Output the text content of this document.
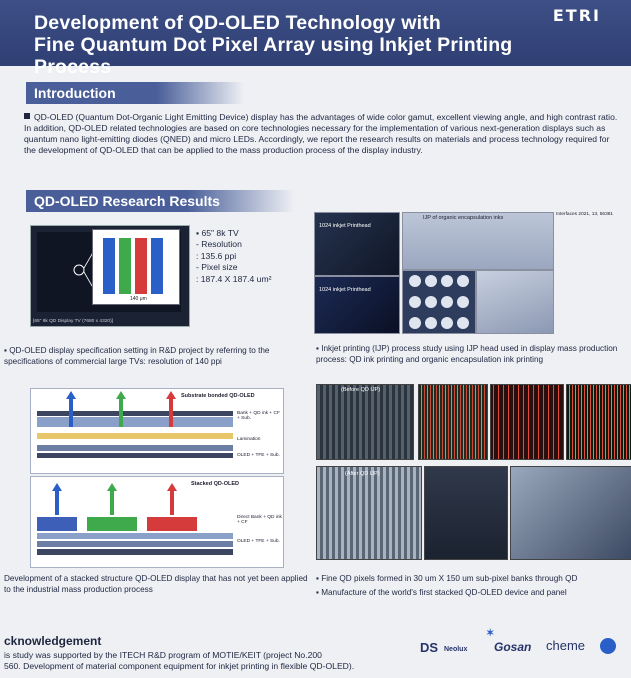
Development of QD-OLED Technology with
Fine Quantum Dot Pixel Array using Inkjet Printing Process
ETRI
Introduction
QD-OLED (Quantum Dot-Organic Light Emitting Device) display has the advantages of wide color gamut, excellent viewing angle, and high contrast ratio. In addition, QD-OLED related technologies are based on core technologies necessary for the implementation of various next-generation displays such as quantum nano light-emitting diodes (QNED) and micro LEDs. Accordingly, we report the research results on materials and process technology required for the development of QD-OLED that can be applied to the mass production process of the display industry.
QD-OLED Research Results
[65" 8k QD Display TV (7680 x 4320)]
140 μm
▪ 65" 8k TV
- Resolution
: 135.6 ppi
- Pixel size
: 187.4 X 187.4 um²
1024 inkjet Printhead
1024 inkjet Printhead
IJP of organic encapsulation inks
Interfaces 2021, 13, 56381
▪ QD-OLED display specification setting in R&D project by referring to the specifications of commercial large TVs: resolution of 140 ppi
▪ Inkjet printing (IJP) process study using IJP head used in display mass production process: QD ink printing and organic encapsulation ink printing
Substrate bonded QD-OLED
Bank + QD ink + CF + Sub.
Lamination
OLED + TFE + Sub.
Stacked QD-OLED
Direct Bank + QD ink + CF
OLED + TFE + Sub.
(Before QD IJP)
(After QD IJP)
Development of a stacked structure QD-OLED display that has not yet been applied to the industrial mass production process
▪ Fine QD pixels formed in 30 um X 150 um sub-pixel banks through QD
▪ Manufacture of the world's first stacked QD-OLED device and panel
cknowledgement
is study was supported by the ITECH R&D program of MOTIE/KEIT (project No.200
560. Development of material component equipment for inkjet printing in flexible QD-OLED).
DS Neolux
✶
Gosan cheme
